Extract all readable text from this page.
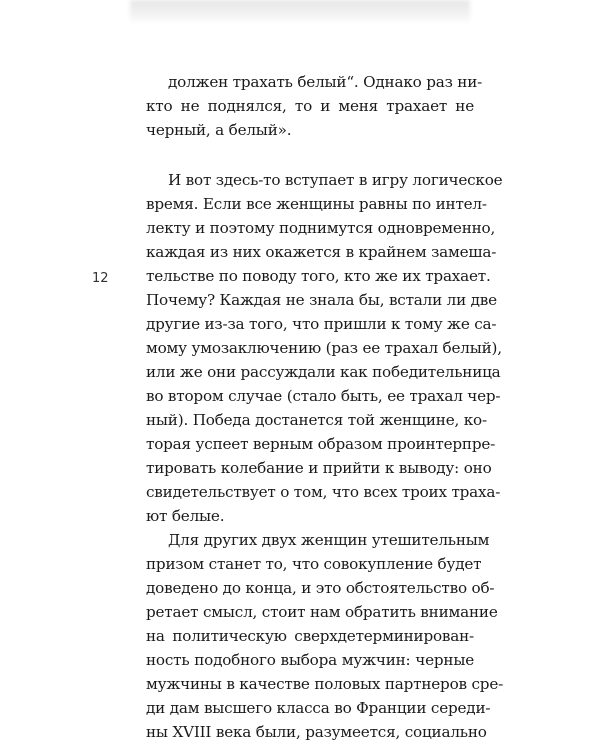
12
должен трахать белый“. Однако раз ни-
кто не поднялся, то и меня трахает не
черный, а белый».
И вот здесь-то вступает в игру логическое
время. Если все женщины равны по интел-
лекту и поэтому поднимутся одновременно,
каждая из них окажется в крайнем замеша-
тельстве по поводу того, кто же их трахает.
Почему? Каждая не знала бы, встали ли две
другие из-за того, что пришли к тому же са-
мому умозаключению (раз ее трахал белый),
или же они рассуждали как победительница
во втором случае (стало быть, ее трахал чер-
ный). Победа достанется той женщине, ко-
торая успеет верным образом проинтерпре-
тировать колебание и прийти к выводу: оно
свидетельствует о том, что всех троих траха-
ют белые.
Для других двух женщин утешительным
призом станет то, что совокупление будет
доведено до конца, и это обстоятельство об-
ретает смысл, стоит нам обратить внимание
на политическую сверхдетерминирован-
ность подобного выбора мужчин: черные
мужчины в качестве половых партнеров сре-
ди дам высшего класса во Франции середи-
ны XVIII века были, разумеется, социально
